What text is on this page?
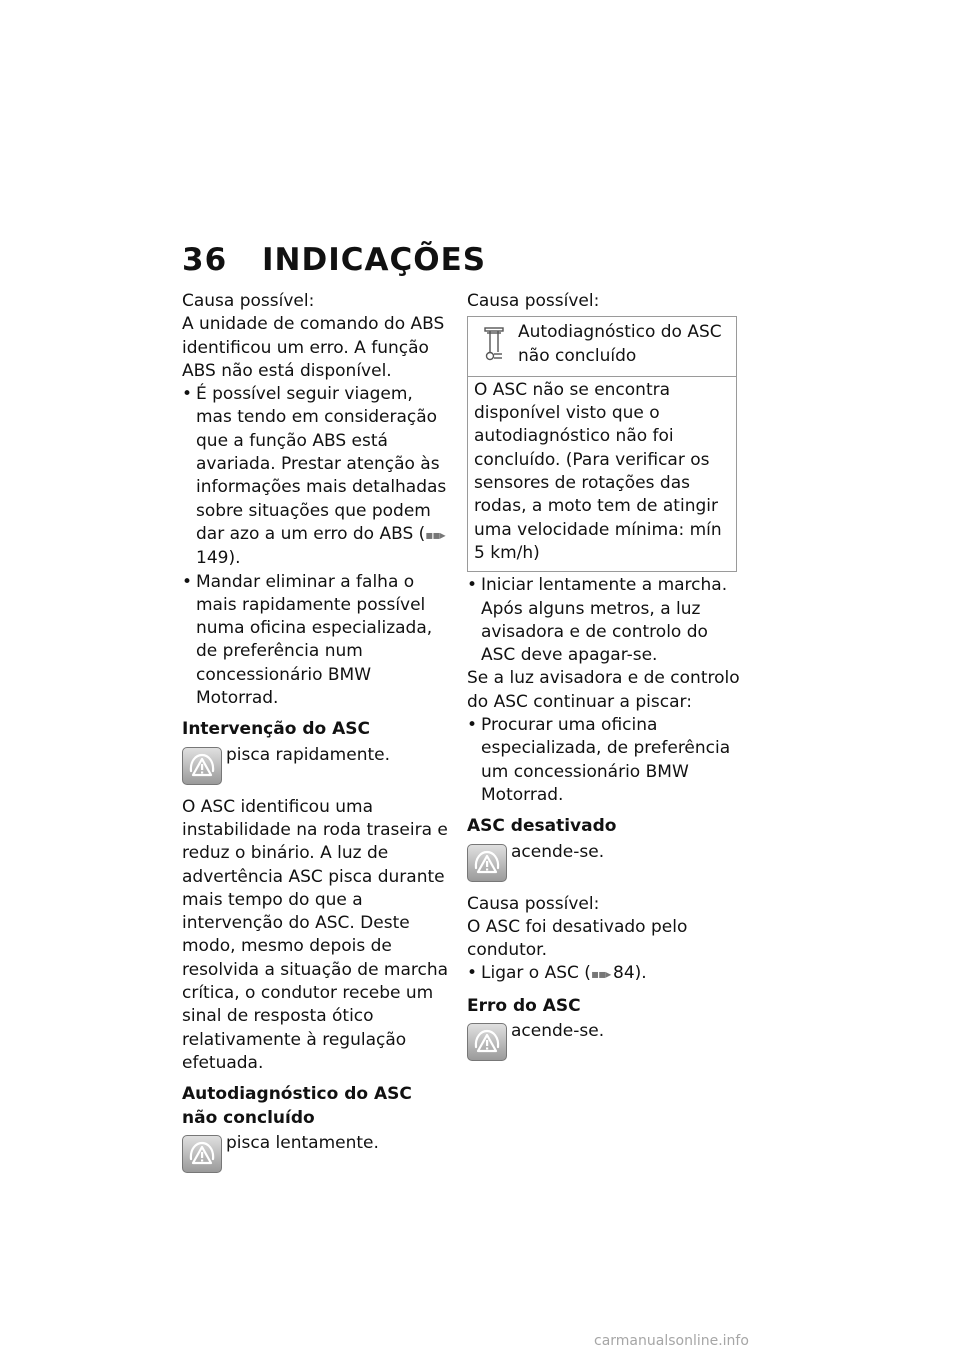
36 INDICAÇÕES

Causa possível:

A unidade de comando do ABS identificou um erro. A função ABS não está disponível.

• É possível seguir viagem, mas tendo em consideração que a função ABS está avariada. Prestar atenção às informações mais detalhadas sobre situações que podem dar azo a um erro do ABS (▪▪▸ 149).
• Mandar eliminar a falha o mais rapidamente possível numa oficina especializada, de preferência num concessionário BMW Motorrad.

Intervenção do ASC

pisca rapidamente.

O ASC identificou uma instabilidade na roda traseira e reduz o binário. A luz de advertência ASC pisca durante mais tempo do que a intervenção do ASC. Deste modo, mesmo depois de resolvida a situação de marcha crítica, o condutor recebe um sinal de resposta ótico relativamente à regulação efetuada.

Autodiagnóstico do ASC não concluído

pisca lentamente.

Causa possível:

Autodiagnóstico do ASC não concluído
O ASC não se encontra disponível visto que o autodiagnóstico não foi concluído. (Para verificar os sensores de rotações das rodas, a moto tem de atingir uma velocidade mínima: mín 5 km/h)
• Iniciar lentamente a marcha. Após alguns metros, a luz avisadora e de controlo do ASC deve apagar-se.

Se a luz avisadora e de controlo do ASC continuar a piscar:

• Procurar uma oficina especializada, de preferência um concessionário BMW Motorrad.

ASC desativado

acende-se.

Causa possível:

O ASC foi desativado pelo condutor.

• Ligar o ASC (▪▪▸ 84).

Erro do ASC

acende-se.
carmanualsonline.info
